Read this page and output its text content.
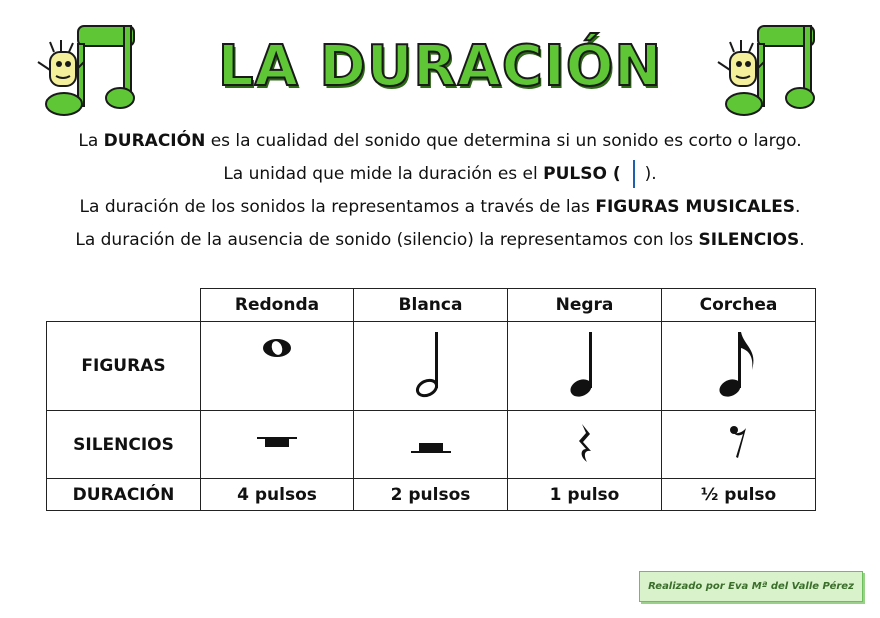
LA DURACIÓN

La DURACIÓN es la cualidad del sonido que determina si un sonido es corto o largo.

La unidad que mide la duración es el PULSO ( ).

La duración de los sonidos la representamos a través de las FIGURAS MUSICALES.

La duración de la ausencia de sonido (silencio) la representamos con los SILENCIOS.

	Redonda	Blanca	Negra	Corchea
FIGURAS	

SILENCIOS	

DURACIÓN	4 pulsos	2 pulsos	1 pulso	½ pulso
Realizado por Eva Mª del Valle Pérez
